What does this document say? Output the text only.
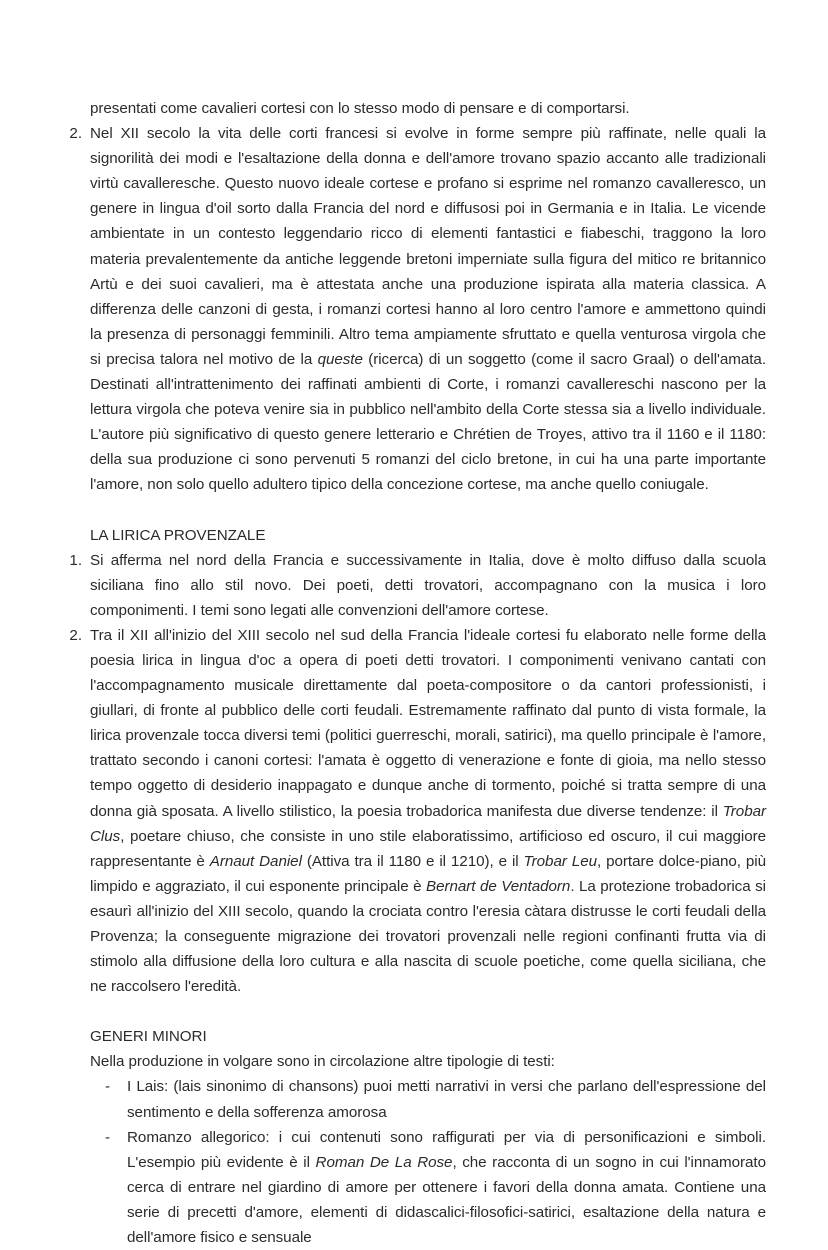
presentati come cavalieri cortesi con lo stesso modo di pensare e di comportarsi.

2. Nel XII secolo la vita delle corti francesi si evolve in forme sempre più raffinate, nelle quali la signorilità dei modi e l'esaltazione della donna e dell'amore trovano spazio accanto alle tradizionali virtù cavalleresche. Questo nuovo ideale cortese e profano si esprime nel romanzo cavalleresco, un genere in lingua d'oil sorto dalla Francia del nord e diffusosi poi in Germania e in Italia. Le vicende ambientate in un contesto leggendario ricco di elementi fantastici e fiabeschi, traggono la loro materia prevalentemente da antiche leggende bretoni imperniate sulla figura del mitico re britannico Artù e dei suoi cavalieri, ma è attestata anche una produzione ispirata alla materia classica. A differenza delle canzoni di gesta, i romanzi cortesi hanno al loro centro l'amore e ammettono quindi la presenza di personaggi femminili. Altro tema ampiamente sfruttato e quella venturosa virgola che si precisa talora nel motivo de la queste (ricerca) di un soggetto (come il sacro Graal) o dell'amata. Destinati all'intrattenimento dei raffinati ambienti di Corte, i romanzi cavallereschi nascono per la lettura virgola che poteva venire sia in pubblico nell'ambito della Corte stessa sia a livello individuale. L'autore più significativo di questo genere letterario e Chrétien de Troyes, attivo tra il 1160 e il 1180: della sua produzione ci sono pervenuti 5 romanzi del ciclo bretone, in cui ha una parte importante l'amore, non solo quello adultero tipico della concezione cortese, ma anche quello coniugale.
LA LIRICA PROVENZALE
1. Si afferma nel nord della Francia e successivamente in Italia, dove è molto diffuso dalla scuola siciliana fino allo stil novo. Dei poeti, detti trovatori, accompagnano con la musica i loro componimenti. I temi sono legati alle convenzioni dell'amore cortese.
2. Tra il XII all'inizio del XIII secolo nel sud della Francia l'ideale cortesi fu elaborato nelle forme della poesia lirica in lingua d'oc a opera di poeti detti trovatori. I componimenti venivano cantati con l'accompagnamento musicale direttamente dal poeta-compositore o da cantori professionisti, i giullari, di fronte al pubblico delle corti feudali. Estremamente raffinato dal punto di vista formale, la lirica provenzale tocca diversi temi (politici guerreschi, morali, satirici), ma quello principale è l'amore, trattato secondo i canoni cortesi: l'amata è oggetto di venerazione e fonte di gioia, ma nello stesso tempo oggetto di desiderio inappagato e dunque anche di tormento, poiché si tratta sempre di una donna già sposata. A livello stilistico, la poesia trobadorica manifesta due diverse tendenze: il Trobar Clus, poetare chiuso, che consiste in uno stile elaboratissimo, artificioso ed oscuro, il cui maggiore rappresentante è Arnaut Daniel (Attiva tra il 1180 e il 1210), e il Trobar Leu, portare dolce-piano, più limpido e aggraziato, il cui esponente principale è Bernart de Ventadorn. La protezione trobadorica si esaurì all'inizio del XIII secolo, quando la crociata contro l'eresia càtara distrusse le corti feudali della Provenza; la conseguente migrazione dei trovatori provenzali nelle regioni confinanti frutta via di stimolo alla diffusione della loro cultura e alla nascita di scuole poetiche, come quella siciliana, che ne raccolsero l'eredità.
GENERI MINORI

Nella produzione in volgare sono in circolazione altre tipologie di testi:

- I Lais: (lais sinonimo di chansons) puoi metti narrativi in versi che parlano dell'espressione del sentimento e della sofferenza amorosa
- Romanzo allegorico: i cui contenuti sono raffigurati per via di personificazioni e simboli. L'esempio più evidente è il Roman De La Rose, che racconta di un sogno in cui l'innamorato cerca di entrare nel giardino di amore per ottenere i favori della donna amata. Contiene una serie di precetti d'amore, elementi di didascalici-filosofici-satirici, esaltazione della natura e dell'amore fisico e sensuale
